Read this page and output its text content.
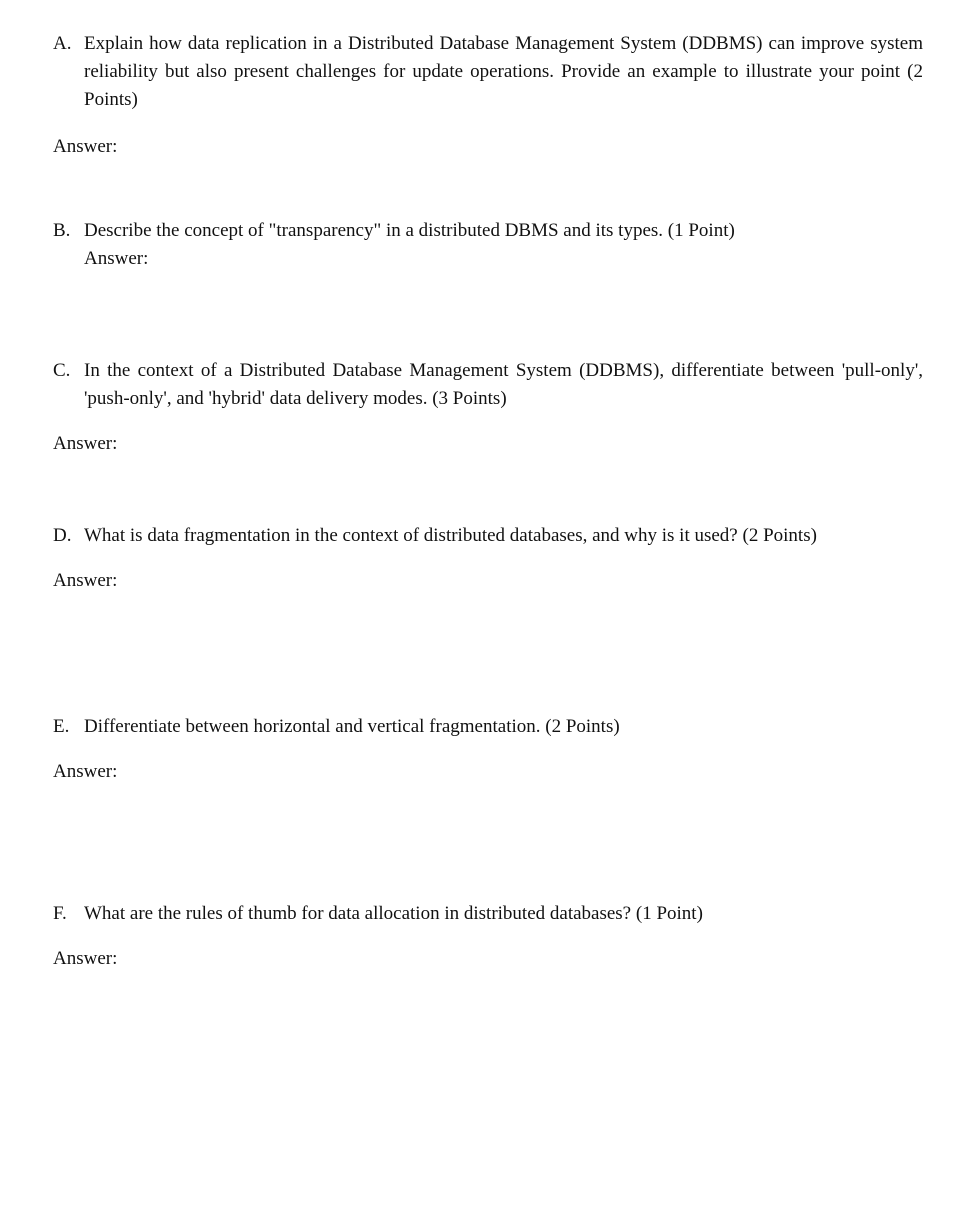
A. Explain how data replication in a Distributed Database Management System (DDBMS) can improve system reliability but also present challenges for update operations. Provide an example to illustrate your point (2 Points)
Answer:
B. Describe the concept of "transparency" in a distributed DBMS and its types. (1 Point)
Answer:
C. In the context of a Distributed Database Management System (DDBMS), differentiate between 'pull-only', 'push-only', and 'hybrid' data delivery modes. (3 Points)
Answer:
D. What is data fragmentation in the context of distributed databases, and why is it used? (2 Points)
Answer:
E. Differentiate between horizontal and vertical fragmentation. (2 Points)
Answer:
F. What are the rules of thumb for data allocation in distributed databases? (1 Point)
Answer:
